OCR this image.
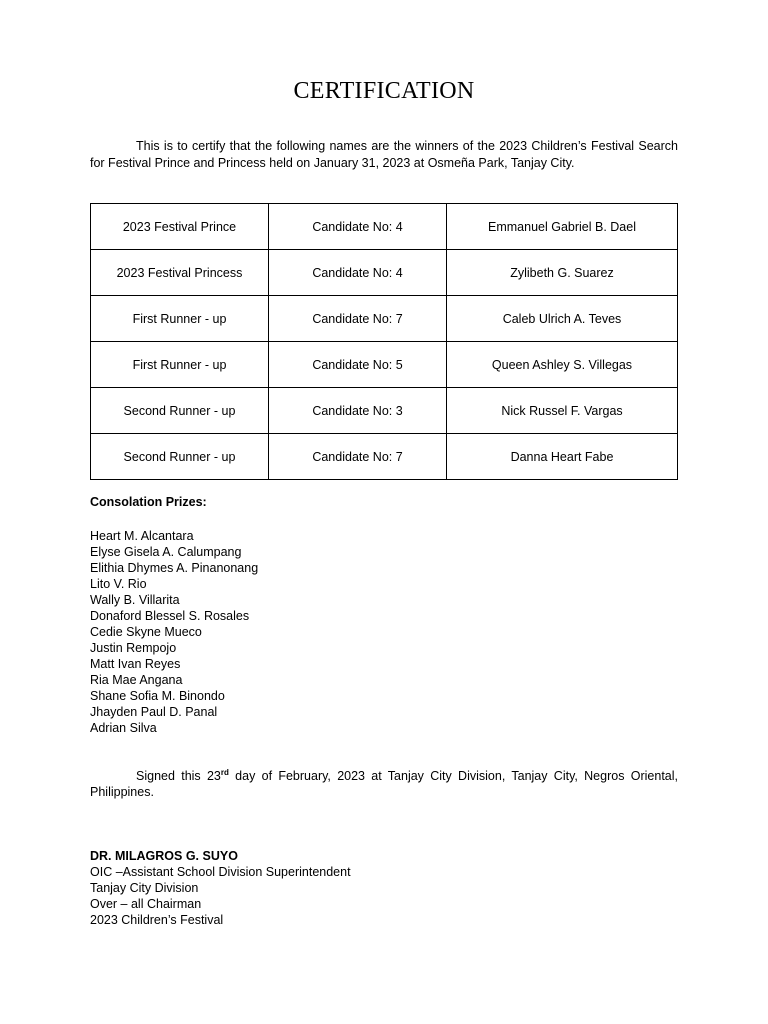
CERTIFICATION

This is to certify that the following names are the winners of the 2023 Children’s Festival Search for Festival Prince and Princess held on January 31, 2023 at Osmeña Park, Tanjay City.

2023 Festival Prince	Candidate No: 4	Emmanuel Gabriel B. Dael
2023 Festival Princess	Candidate No: 4	Zylibeth G. Suarez
First Runner - up	Candidate No: 7	Caleb Ulrich A. Teves
First Runner - up	Candidate No: 5	Queen Ashley S. Villegas
Second Runner - up	Candidate No: 3	Nick Russel F. Vargas
Second Runner - up	Candidate No: 7	Danna Heart Fabe
Consolation Prizes:
Heart M. Alcantara
Elyse Gisela A. Calumpang
Elithia Dhymes A. Pinanonang
Lito V. Rio
Wally B. Villarita
Donaford Blessel S. Rosales
Cedie Skyne Mueco
Justin Rempojo
Matt Ivan Reyes
Ria Mae Angana
Shane Sofia M. Binondo
Jhayden Paul D. Panal
Adrian Silva

Signed this 23rd day of February, 2023 at Tanjay City Division, Tanjay City, Negros Oriental, Philippines.

DR. MILAGROS G. SUYO
OIC –Assistant School Division Superintendent
Tanjay City Division
Over – all Chairman
2023 Children’s Festival
